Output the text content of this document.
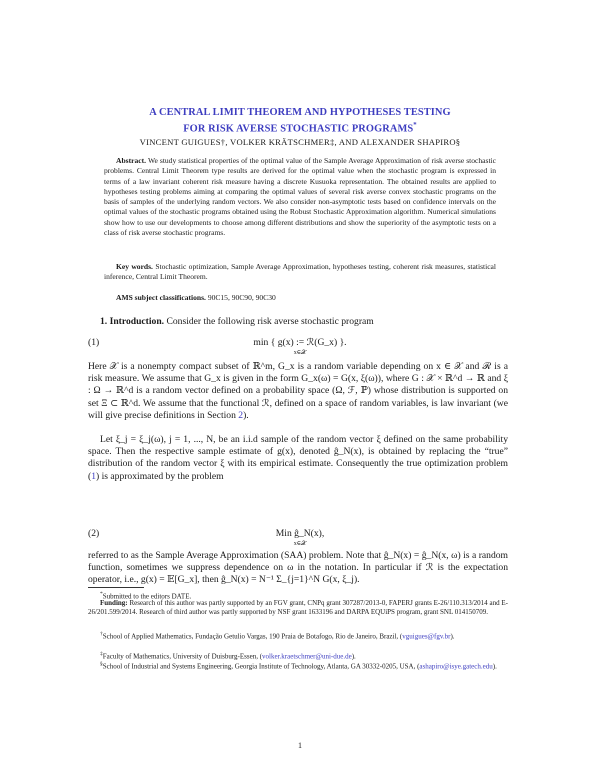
A CENTRAL LIMIT THEOREM AND HYPOTHESES TESTING
FOR RISK AVERSE STOCHASTIC PROGRAMS*
VINCENT GUIGUES†, VOLKER KRÄTSCHMER‡, AND ALEXANDER SHAPIRO§

Abstract. We study statistical properties of the optimal value of the Sample Average Approximation of risk averse stochastic problems. Central Limit Theorem type results are derived for the optimal value when the stochastic program is expressed in terms of a law invariant coherent risk measure having a discrete Kusuoka representation. The obtained results are applied to hypotheses testing problems aiming at comparing the optimal values of several risk averse convex stochastic programs on the basis of samples of the underlying random vectors. We also consider non-asymptotic tests based on confidence intervals on the optimal values of the stochastic programs obtained using the Robust Stochastic Approximation algorithm. Numerical simulations show how to use our developments to choose among different distributions and show the superiority of the asymptotic tests on a class of risk averse stochastic programs.

Key words. Stochastic optimization, Sample Average Approximation, hypotheses testing, coherent risk measures, statistical inference, Central Limit Theorem.

AMS subject classifications. 90C15, 90C90, 90C30

1. Introduction. Consider the following risk averse stochastic program

(1)	min { g(x) := ℛ(G_x) }.
x∈𝒳

Here 𝒳 is a nonempty compact subset of ℝ^m, G_x is a random variable depending on x ∈ 𝒳 and ℛ is a risk measure. We assume that G_x is given in the form G_x(ω) = G(x, ξ(ω)), where G : 𝒳 × ℝ^d → ℝ and ξ : Ω → ℝ^d is a random vector defined on a probability space (Ω, ℱ, ℙ) whose distribution is supported on set Ξ ⊂ ℝ^d. We assume that the functional ℛ, defined on a space of random variables, is law invariant (we will give precise definitions in Section 2).

Let ξ_j = ξ_j(ω), j = 1, ..., N, be an i.i.d sample of the random vector ξ defined on the same probability space. Then the respective sample estimate of g(x), denoted ĝ_N(x), is obtained by replacing the “true” distribution of the random vector ξ with its empirical estimate. Consequently the true optimization problem (1) is approximated by the problem

(2)	Min ĝ_N(x),
x∈𝒳

referred to as the Sample Average Approximation (SAA) problem. Note that ĝ_N(x) = ĝ_N(x, ω) is a random function, sometimes we suppress dependence on ω in the notation. In particular if ℛ is the expectation operator, i.e., g(x) = 𝔼[G_x], then ĝ_N(x) = N⁻¹ Σ_{j=1}^N G(x, ξ_j).

*Submitted to the editors DATE.

Funding: Research of this author was partly supported by an FGV grant, CNPq grant 307287/2013-0, FAPERJ grants E-26/110.313/2014 and E-26/201.599/2014. Research of third author was partly supported by NSF grant 1633196 and DARPA EQUiPS program, grant SNL 014150709.

†School of Applied Mathematics, Fundação Getulio Vargas, 190 Praia de Botafogo, Rio de Janeiro, Brazil, (vguigues@fgv.br).

‡Faculty of Mathematics, University of Duisburg-Essen, (volker.kraetschmer@uni-due.de).

§School of Industrial and Systems Engineering, Georgia Institute of Technology, Atlanta, GA 30332-0205, USA, (ashapiro@isye.gatech.edu).

1
